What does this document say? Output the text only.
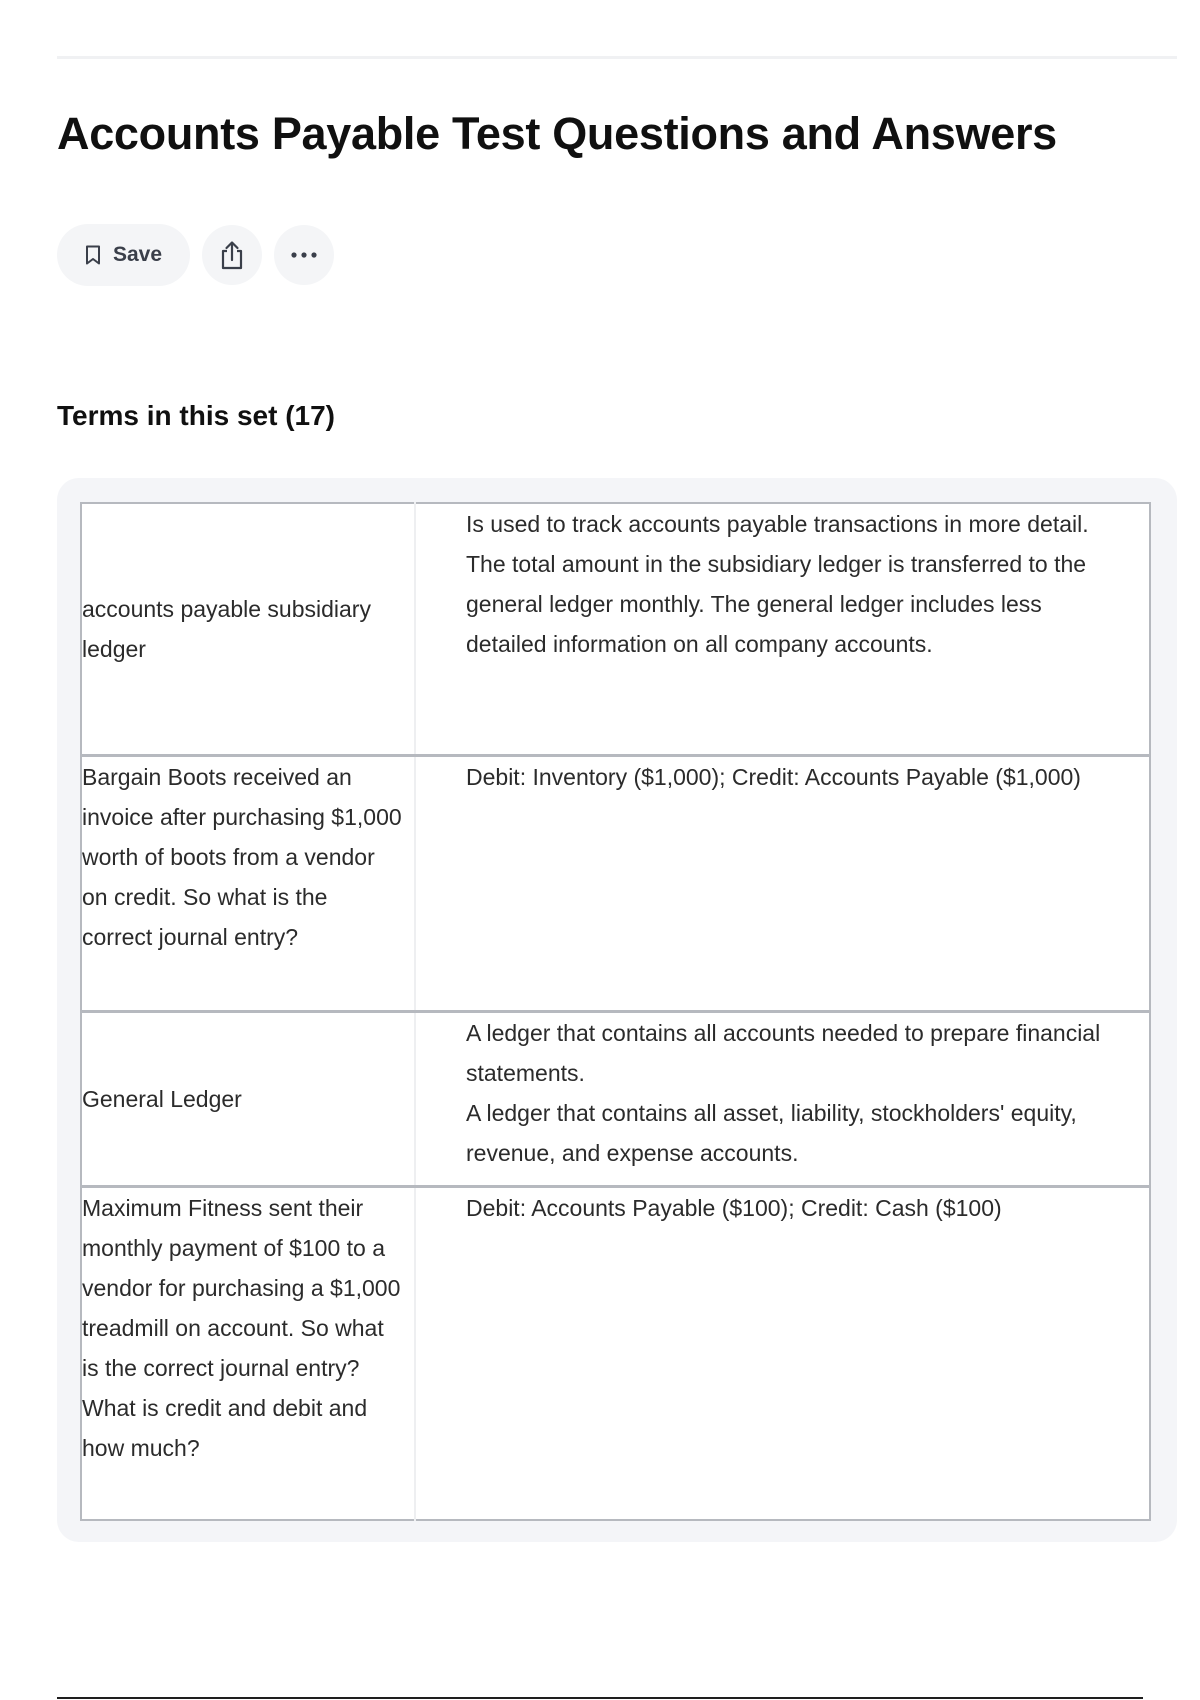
Accounts Payable Test Questions and Answers
Save
Terms in this set (17)
accounts payable subsidiary ledger	Is used to track accounts payable transactions in more detail.
The total amount in the subsidiary ledger is transferred to the general ledger monthly. The general ledger includes less detailed information on all company accounts.

Bargain Boots received an invoice after purchasing $1,000 worth of boots from a vendor on credit. So what is the correct journal entry?	Debit: Inventory ($1,000); Credit: Accounts Payable ($1,000)

General Ledger	A ledger that contains all accounts needed to prepare financial statements.
A ledger that contains all asset, liability, stockholders' equity, revenue, and expense accounts.

Maximum Fitness sent their monthly payment of $100 to a vendor for purchasing a $1,000 treadmill on account. So what is the correct journal entry? What is credit and debit and how much?	Debit: Accounts Payable ($100); Credit: Cash ($100)
